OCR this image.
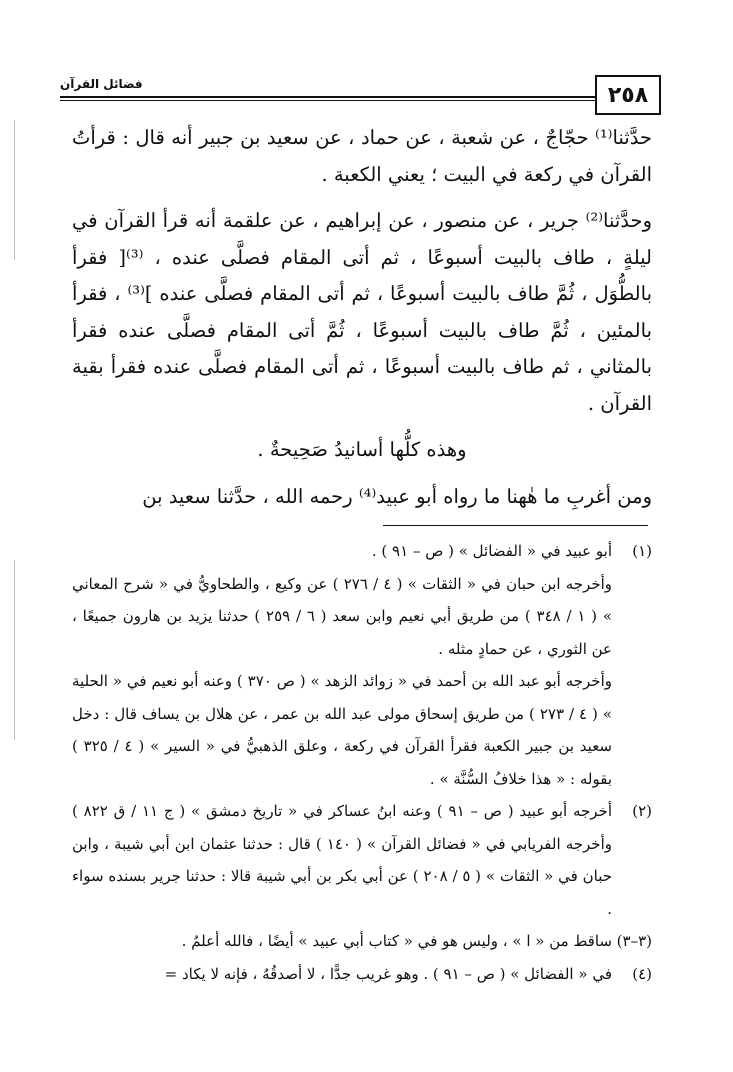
٢٥٨
فضائل القرآن

حدَّثنا⁽¹⁾ حجّاجٌ ، عن شعبة ، عن حماد ، عن سعيد بن جبير أنه قال : قرأتُ القرآن في ركعة في البيت ؛ يعني الكعبة .

وحدَّثنا⁽²⁾ جرير ، عن منصور ، عن إبراهيم ، عن علقمة أنه قرأ القرآن في ليلةٍ ، طاف بالبيت أسبوعًا ، ثم أتى المقام فصلَّى عنده ، ⁽³⁾[ فقرأ بالطُّوَل ، ثُمَّ طاف بالبيت أسبوعًا ، ثم أتى المقام فصلَّى عنده ]⁽³⁾ ، فقرأ بالمئين ، ثُمَّ طاف بالبيت أسبوعًا ، ثُمَّ أتى المقام فصلَّى عنده فقرأ بالمثاني ، ثم طاف بالبيت أسبوعًا ، ثم أتى المقام فصلَّى عنده فقرأ بقية القرآن .

وهذه كلُّها أسانيدُ صَحِيحةٌ .

ومن أغربِ ما هٰهنا ما رواه أبو عبيد⁽⁴⁾ رحمه الله ، حدَّثنا سعيد بن

(١)
أبو عبيد في « الفضائل » ( ص – ٩١ ) .
وأخرجه ابن حبان في « الثقات » ( ٤ / ٢٧٦ ) عن وكيع ، والطحاويُّ في « شرح المعاني » ( ١ / ٣٤٨ ) من طريق أبي نعيم وابن سعد ( ٦ / ٢٥٩ ) حدثنا يزيد بن هارون جميعًا ، عن الثوري ، عن حمادٍ مثله .
وأخرجه أبو عبد الله بن أحمد في « زوائد الزهد » ( ص ٣٧٠ ) وعنه أبو نعيم في « الحلية » ( ٤ / ٢٧٣ ) من طريق إسحاق مولى عبد الله بن عمر ، عن هلال بن يساف قال : دخل سعيد بن جبير الكعبة فقرأ القرآن في ركعة ، وعلق الذهبيُّ في « السير » ( ٤ / ٣٢٥ ) بقوله : « هذا خلافُ السُّنَّة » .
(٢)
أخرجه أبو عبيد ( ص – ٩١ ) وعنه ابنُ عساكر في « تاريخ دمشق » ( ج ١١ / ق ٨٢٢ ) وأخرجه الفريابي في « فضائل القرآن » ( ١٤٠ ) قال : حدثنا عثمان ابن أبي شيبة ، وابن حبان في « الثقات » ( ٥ / ٢٠٨ ) عن أبي بكر بن أبي شيبة قالا : حدثنا جرير بسنده سواء .
(٣–٣)
ساقط من « ا » ، وليس هو في « كتاب أبي عبيد » أيضًا ، فالله أعلمُ .
(٤)
في « الفضائل » ( ص – ٩١ ) . وهو غريب جدًّا ، لا أصدقُهُ ، فإنه لا يكاد =
